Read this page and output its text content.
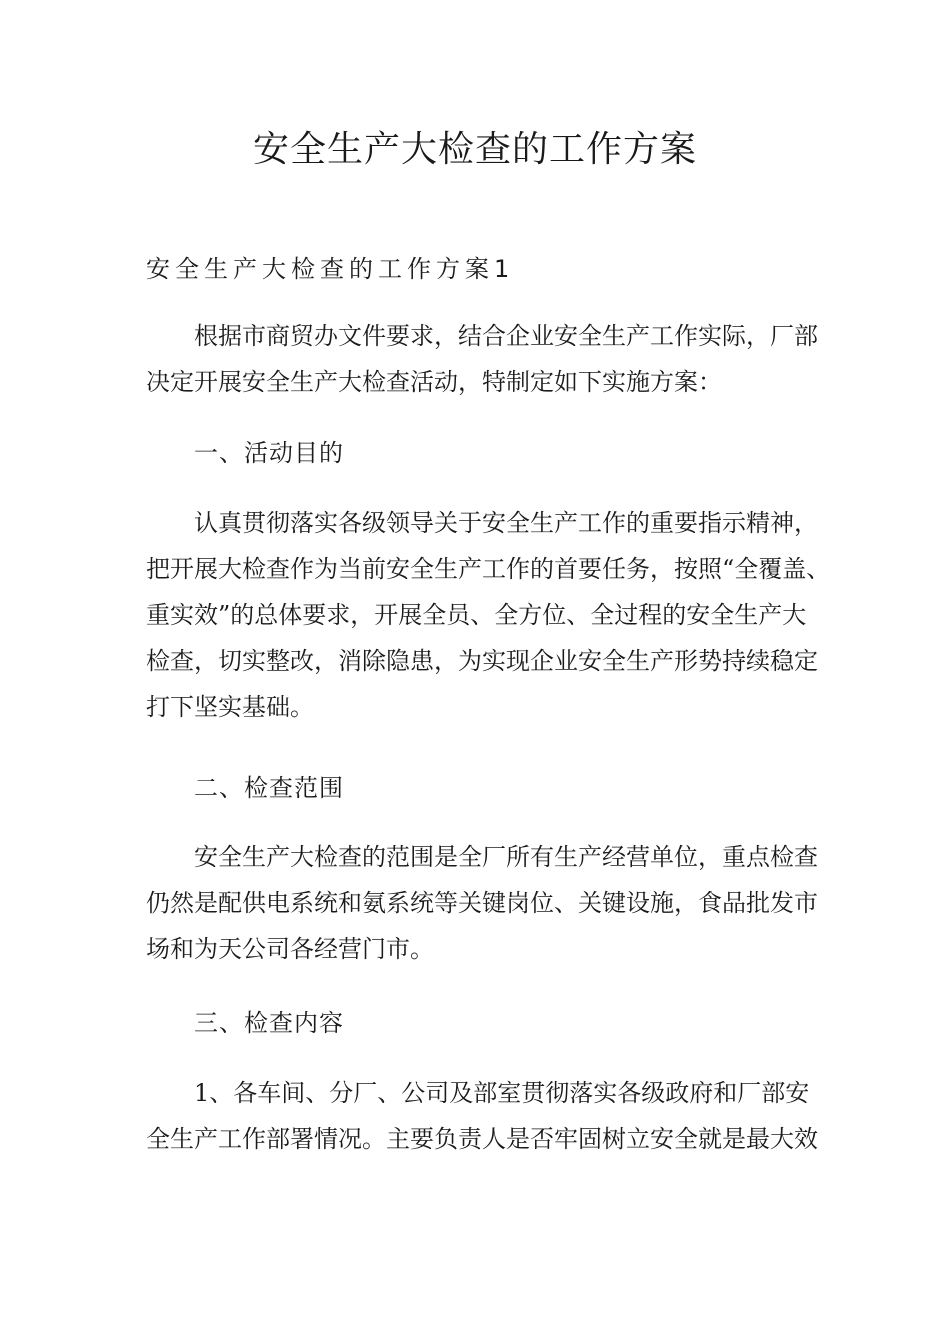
安全生产大检查的工作方案
安全生产大检查的工作方案1
根据市商贸办文件要求，结合企业安全生产工作实际，厂部
决定开展安全生产大检查活动，特制定如下实施方案：
一、活动目的
认真贯彻落实各级领导关于安全生产工作的重要指示精神，
把开展大检查作为当前安全生产工作的首要任务，按照“全覆盖、
重实效”的总体要求，开展全员、全方位、全过程的安全生产大
检查，切实整改，消除隐患，为实现企业安全生产形势持续稳定
打下坚实基础。
二、检查范围
安全生产大检查的范围是全厂所有生产经营单位，重点检查
仍然是配供电系统和氨系统等关键岗位、关键设施，食品批发市
场和为天公司各经营门市。
三、检查内容
1、各车间、分厂、公司及部室贯彻落实各级政府和厂部安
全生产工作部署情况。主要负责人是否牢固树立安全就是最大效
